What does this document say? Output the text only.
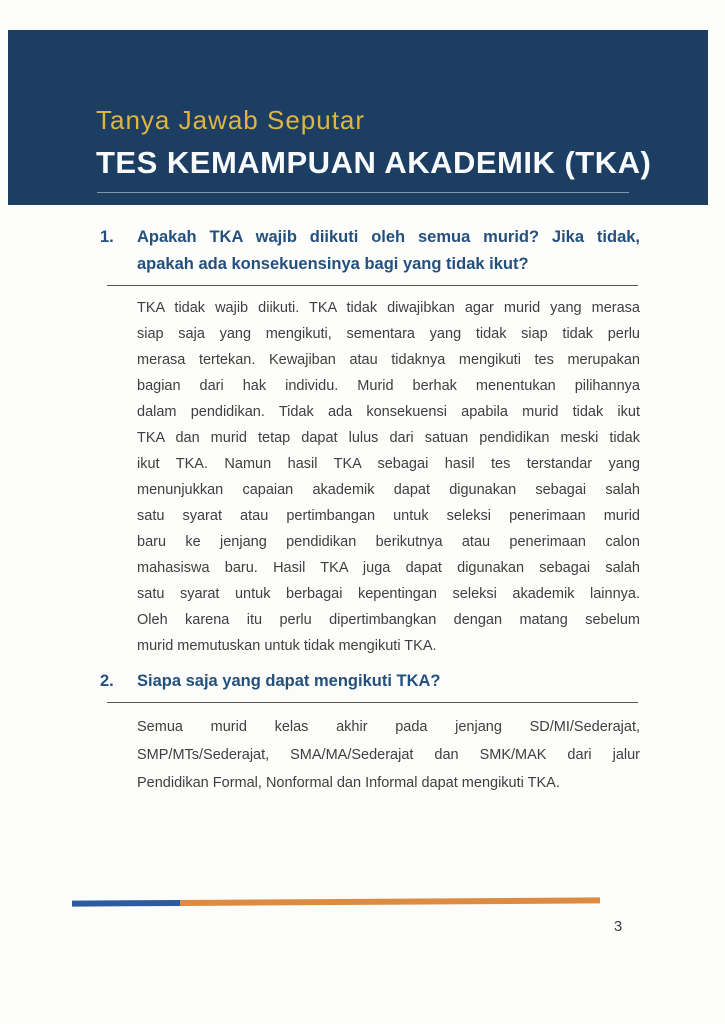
Tanya Jawab Seputar
TES KEMAMPUAN AKADEMIK (TKA)
1.	Apakah TKA wajib diikuti oleh semua murid? Jika tidak,
apakah ada konsekuensinya bagi yang tidak ikut?
TKA tidak wajib diikuti. TKA tidak diwajibkan agar murid yang merasa
siap saja yang mengikuti, sementara yang tidak siap tidak perlu
merasa tertekan. Kewajiban atau tidaknya mengikuti tes merupakan
bagian dari hak individu. Murid berhak menentukan pilihannya
dalam pendidikan. Tidak ada konsekuensi apabila murid tidak ikut
TKA dan murid tetap dapat lulus dari satuan pendidikan meski tidak
ikut TKA. Namun hasil TKA sebagai hasil tes terstandar yang
menunjukkan capaian akademik dapat digunakan sebagai salah
satu syarat atau pertimbangan untuk seleksi penerimaan murid
baru ke jenjang pendidikan berikutnya atau penerimaan calon
mahasiswa baru. Hasil TKA juga dapat digunakan sebagai salah
satu syarat untuk berbagai kepentingan seleksi akademik lainnya.
Oleh karena itu perlu dipertimbangkan dengan matang sebelum
murid memutuskan untuk tidak mengikuti TKA.
2.	Siapa saja yang dapat mengikuti TKA?
Semua murid kelas akhir pada jenjang SD/MI/Sederajat,
SMP/MTs/Sederajat, SMA/MA/Sederajat dan SMK/MAK dari jalur
Pendidikan Formal, Nonformal dan Informal dapat mengikuti TKA.
3
